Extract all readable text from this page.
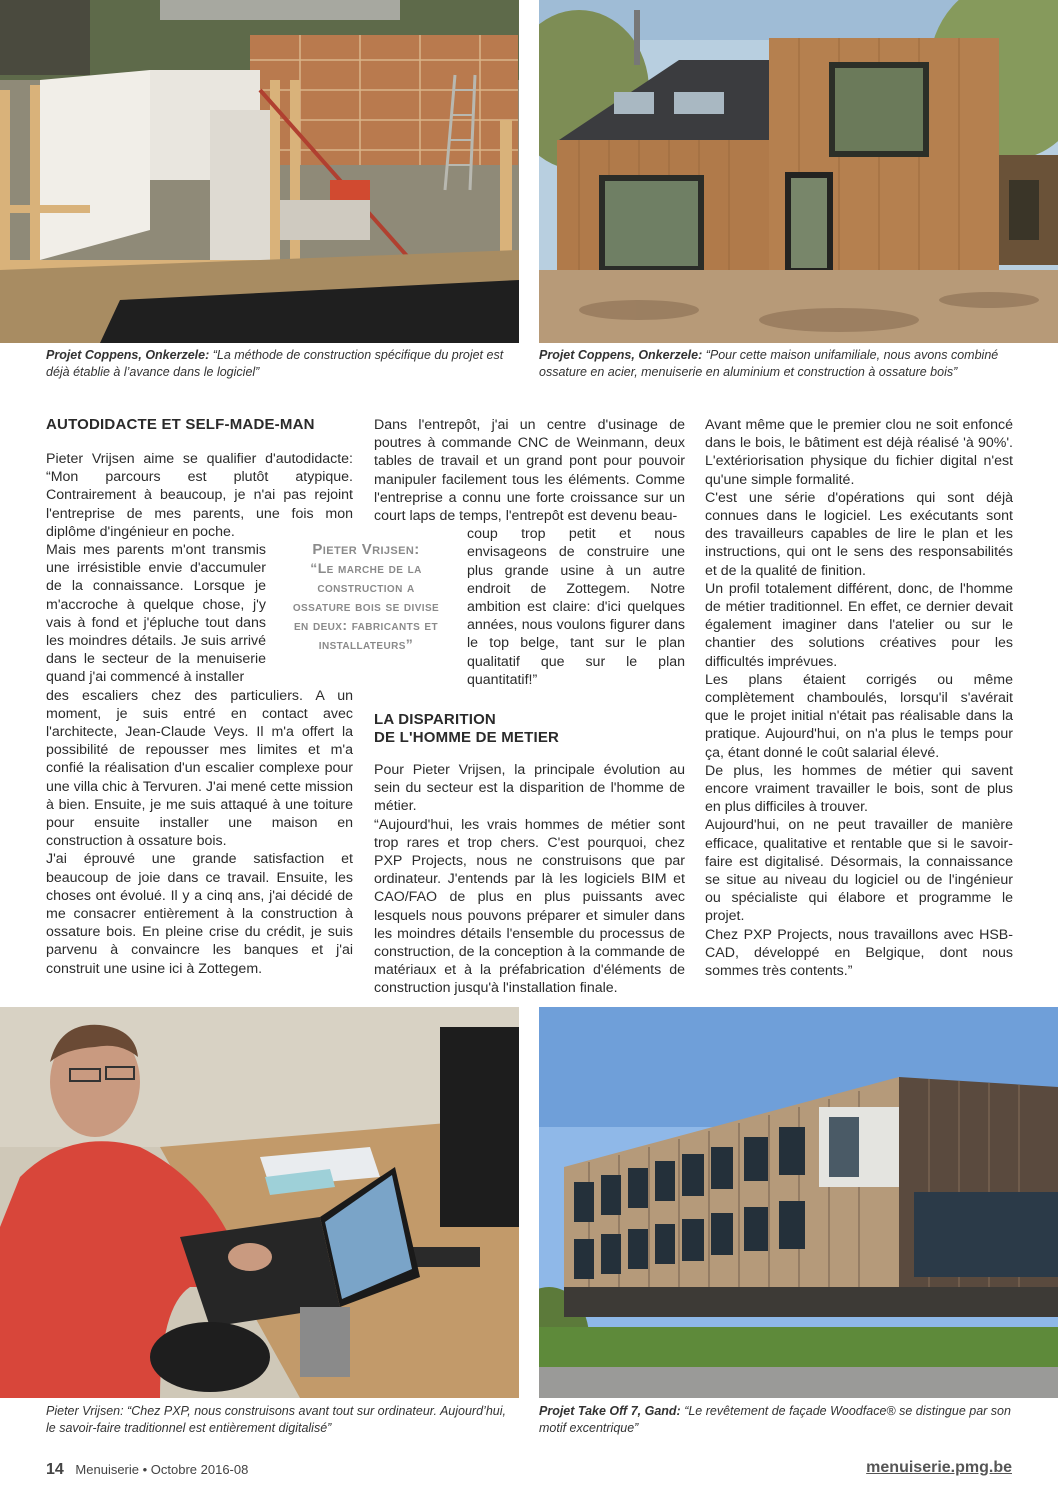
Projet Coppens, Onkerzele: “La méthode de construction spécifique du projet est déjà établie à l’avance dans le logiciel”
Projet Coppens, Onkerzele: “Pour cette maison unifamiliale, nous avons combiné ossature en acier, menuiserie en aluminium et construction à ossature bois”
AUTODIDACTE ET SELF-MADE-MAN

Pieter Vrijsen aime se qualifier d'autodidacte: “Mon parcours est plutôt atypique. Contrairement à beaucoup, je n'ai pas rejoint l'entreprise de mes parents, une fois mon diplôme d'ingénieur en poche.

Mais mes parents m'ont transmis une irrésistible envie d'accumuler de la connaissance. Lorsque je m'accroche à quelque chose, j'y vais à fond et j'épluche tout dans les moindres détails. Je suis arrivé dans le secteur de la menuiserie quand j'ai commencé à installer

des escaliers chez des particuliers. A un moment, je suis entré en contact avec l'architecte, Jean-Claude Veys. Il m'a offert la possibilité de repousser mes limites et m'a confié la réalisation d'un escalier complexe pour une villa chic à Tervuren. J'ai mené cette mission à bien. Ensuite, je me suis attaqué à une toiture pour ensuite installer une maison en construction à ossature bois.

J'ai éprouvé une grande satisfaction et beaucoup de joie dans ce travail. Ensuite, les choses ont évolué. Il y a cinq ans, j'ai décidé de me consacrer entièrement à la construction à ossature bois. En pleine crise du crédit, je suis parvenu à convaincre les banques et j'ai construit une usine ici à Zottegem.

Pieter Vrijsen:
“Le marche de la
construction a
ossature bois se divise
en deux: fabricants et
installateurs”

Dans l'entrepôt, j'ai un centre d'usinage de poutres à commande CNC de Weinmann, deux tables de travail et un grand pont pour pouvoir manipuler facilement tous les éléments. Comme l'entreprise a connu une forte croissance sur un court laps de temps, l'entrepôt est devenu beau-

coup trop petit et nous envisageons de construire une plus grande usine à un autre endroit de Zottegem. Notre ambition est claire: d'ici quelques années, nous voulons figurer dans le top belge, tant sur le plan qualitatif que sur le plan quantitatif!”

LA DISPARITION
DE L'HOMME DE METIER

Pour Pieter Vrijsen, la principale évolution au sein du secteur est la disparition de l'homme de métier.

“Aujourd'hui, les vrais hommes de métier sont trop rares et trop chers. C'est pourquoi, chez PXP Projects, nous ne construisons que par ordinateur. J'entends par là les logiciels BIM et CAO/FAO de plus en plus puissants avec lesquels nous pouvons préparer et simuler dans les moindres détails l'ensemble du processus de construction, de la conception à la commande de matériaux et à la préfabrication d'éléments de construction jusqu'à l'installation finale.

Avant même que le premier clou ne soit enfoncé dans le bois, le bâtiment est déjà réalisé 'à 90%'. L'extériorisation physique du fichier digital n'est qu'une simple formalité.

C'est une série d'opérations qui sont déjà connues dans le logiciel. Les exécutants sont des travailleurs capables de lire le plan et les instructions, qui ont le sens des responsabilités et de la qualité de finition.

Un profil totalement différent, donc, de l'homme de métier traditionnel. En effet, ce dernier devait également imaginer dans l'atelier ou sur le chantier des solutions créatives pour les difficultés imprévues.

Les plans étaient corrigés ou même complètement chamboulés, lorsqu'il s'avérait que le projet initial n'était pas réalisable dans la pratique. Aujourd'hui, on n'a plus le temps pour ça, étant donné le coût salarial élevé.

De plus, les hommes de métier qui savent encore vraiment travailler le bois, sont de plus en plus difficiles à trouver.

Aujourd'hui, on ne peut travailler de manière efficace, qualitative et rentable que si le savoir-faire est digitalisé. Désormais, la connaissance se situe au niveau du logiciel ou de l'ingénieur ou spécialiste qui élabore et programme le projet.

Chez PXP Projects, nous travaillons avec HSB-CAD, développé en Belgique, dont nous sommes très contents.”

Pieter Vrijsen: “Chez PXP, nous construisons avant tout sur ordinateur. Aujourd’hui, le savoir-faire traditionnel est entièrement digitalisé”
Projet Take Off 7, Gand: “Le revêtement de façade Woodface® se distingue par son motif excentrique”
14 Menuiserie • Octobre 2016-08	menuiserie.pmg.be
